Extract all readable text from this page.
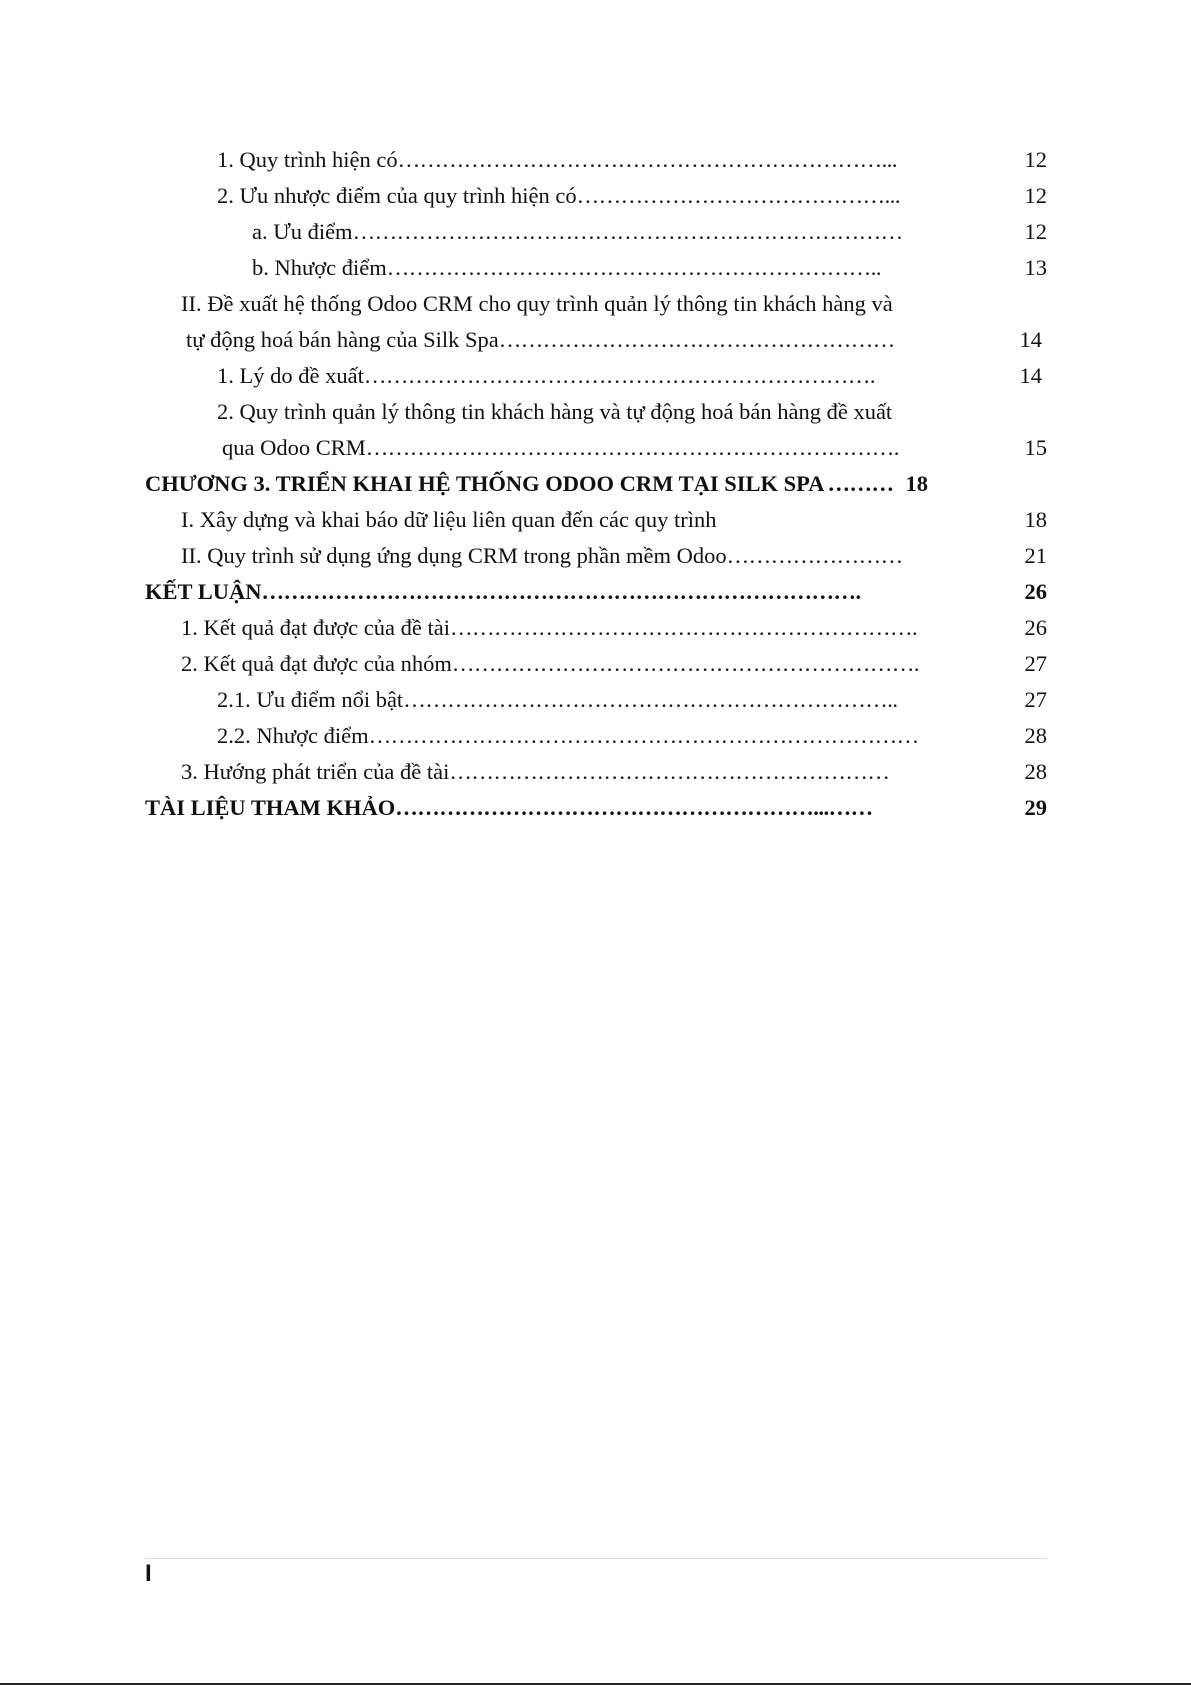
1. Quy trình hiện có …………………………………………………………...	12
2. Ưu nhược điểm của quy trình hiện có ……………………………………...	12
a. Ưu điểm …………………………………………………………………	12
b. Nhược điểm …………………………………………………………..	13
II. Đề xuất hệ thống Odoo CRM cho quy trình quản lý thông tin khách hàng và
tự động hoá bán hàng của Silk Spa ………………………………………………	14
1. Lý do đề xuất …………………………………………………………….	14
2. Quy trình quản lý thông tin khách hàng và tự động hoá bán hàng đề xuất
qua Odoo CRM ……………………………………………………………….	15
CHƯƠNG 3. TRIỂN KHAI HỆ THỐNG ODOO CRM TẠI SILK SPA ……… 18
I. Xây dựng và khai báo dữ liệu liên quan đến các quy trình	18
II. Quy trình sử dụng ứng dụng CRM trong phần mềm Odoo ……………………	21
KẾT LUẬN ……………………………………………………………………….	26
1. Kết quả đạt được của đề tài ……………………………………………………….	26
2. Kết quả đạt được của nhóm ……………………………………………………….	27
2.1. Ưu điểm nổi bật …………………………………………………………..	27
2.2. Nhược điểm …………………………………………………………………	28
3. Hướng phát triển của đề tài ……………………………………………………	28
TÀI LIỆU THAM KHẢO …………………………………………………...……	29
I
